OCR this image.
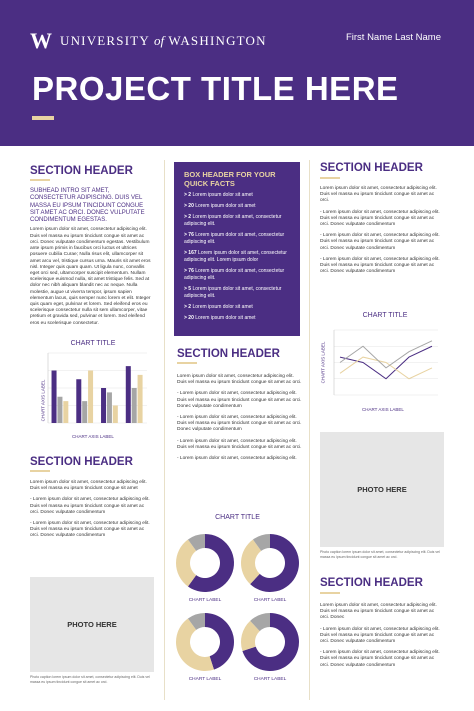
W UNIVERSITY of WASHINGTON	First Name Last Name
PROJECT TITLE HERE
SECTION HEADER
SUBHEAD INTRO SIT AMET, CONSECTETUR ADIPISCING. DUIS VEL MASSA EU IPSUM TINCIDUNT CONGUE SIT AMET AC ORCI. DONEC VULPUTATE CONDIMENTUM EGESTAS.
Lorem ipsum dolor sit amet, consectetur adipiscing elit. Duis vel massa eu ipsum tincidunt congue sit amet ac orci. Donec vulputate condimentum egestas. Vestibulum ante ipsum primis in faucibus orci luctus et ultrices posuere cubilia Curae; Nulla risus elit, ullamcorper sit amet arcu vel, tristique cursus urna. Mauris sit amet eros nisl. Integer quis quam quam. Ut ligula nunc, convallis eget orci sed, ultamcorper suscipit elementum. Nullam scelerisque euismod nulla, sit amet tristique felis. Sed at dolor nec nibh aliquam blandit nec ac neque. Nulla molestie, augue ut viverra tempor, ipsum sapien elementum lacus, quis semper nunc lorem et elit. Integer quis quam eget, pulvinar et lorem. Sed eleifend eros eu scelerisque consectetur nulla sit sem ullamcorper, vitae pretium et gravida sed, pulvinar et lorem. Sed eleifend eros eu scelerisque consectetur.
CHART TITLE
CHART AXIS LABEL
CHART AXIS LABEL
SECTION HEADER
Lorem ipsum dolor sit amet, consectetur adipiscing elit. Duis vel massa eu ipsum tincidunt congue sit amet
- Lorem ipsum dolor sit amet, consectetur adipiscing elit. Duis vel massa eu ipsum tincidunt congue sit amet ac orci. Donec vulputate condimentum
- Lorem ipsum dolor sit amet, consectetur adipiscing elit. Duis vel massa eu ipsum tincidunt congue sit amet ac orci. Donec vulputate condimentum
PHOTO HERE
Photo caption lorem ipsum dolor sit amet, consectetur adipiscing elit. Duis vel massa eu ipsum tincidunt congue sit amet ac orci.
BOX HEADER FOR YOUR QUICK FACTS
> 2 Lorem ipsum dolor sit amet
> 20 Lorem ipsum dolor sit amet
> 2 Lorem ipsum dolor sit amet, consectetur adipiscing elit.
> 76 Lorem ipsum dolor sit amet, consectetur adipiscing elit.
> 167 Lorem ipsum dolor sit amet, consectetur adipiscing elit. Lorem ipsum dolor
> 76 Lorem ipsum dolor sit amet, consectetur adipiscing elit.
> 5 Lorem ipsum dolor sit amet, consectetur adipiscing elit.
> 2 Lorem ipsum dolor sit amet
> 20 Lorem ipsum dolor sit amet
SECTION HEADER
Lorem ipsum dolor sit amet, consectetur adipiscing elit. Duis vel massa eu ipsum tincidunt congue sit amet ac orci.
- Lorem ipsum dolor sit amet, consectetur adipiscing elit. Duis vel massa eu ipsum tincidunt congue sit amet ac orci. Donec vulputate condimentum
- Lorem ipsum dolor sit amet, consectetur adipiscing elit. Duis vel massa eu ipsum tincidunt congue sit amet ac orci. Donec vulputate condimentum
- Lorem ipsum dolor sit amet, consectetur adipiscing elit. Duis vel massa eu ipsum tincidunt congue sit amet ac orci.
- Lorem ipsum dolor sit amet, consectetur adipiscing elit.
CHART TITLE
CHART LABEL	CHART LABEL
CHART LABEL	CHART LABEL
SECTION HEADER
Lorem ipsum dolor sit amet, consectetur adipiscing elit. Duis vel massa eu ipsum tincidunt congue sit amet ac orci.
- Lorem ipsum dolor sit amet, consectetur adipiscing elit. Duis vel massa eu ipsum tincidunt congue sit amet ac orci. Donec vulputate condimentum
- Lorem ipsum dolor sit amet, consectetur adipiscing elit. Duis vel massa eu ipsum tincidunt congue sit amet ac orci. Donec vulputate condimentum
- Lorem ipsum dolor sit amet, consectetur adipiscing elit. Duis vel massa eu ipsum tincidunt congue sit amet ac orci. Donec vulputate condimentum
CHART TITLE
CHART AXIS LABEL
CHART AXIS LABEL
PHOTO HERE
Photo caption lorem ipsum dolor sit amet, consectetur adipiscing elit. Duis vel massa eu ipsum tincidunt congue sit amet ac orci.
SECTION HEADER
Lorem ipsum dolor sit amet, consectetur adipiscing elit. Duis vel massa eu ipsum tincidunt congue sit amet ac orci. Donec
- Lorem ipsum dolor sit amet, consectetur adipiscing elit. Duis vel massa eu ipsum tincidunt congue sit amet ac orci. Donec vulputate condimentum
- Lorem ipsum dolor sit amet, consectetur adipiscing elit. Duis vel massa eu ipsum tincidunt congue sit amet ac orci. Donec vulputate condimentum
